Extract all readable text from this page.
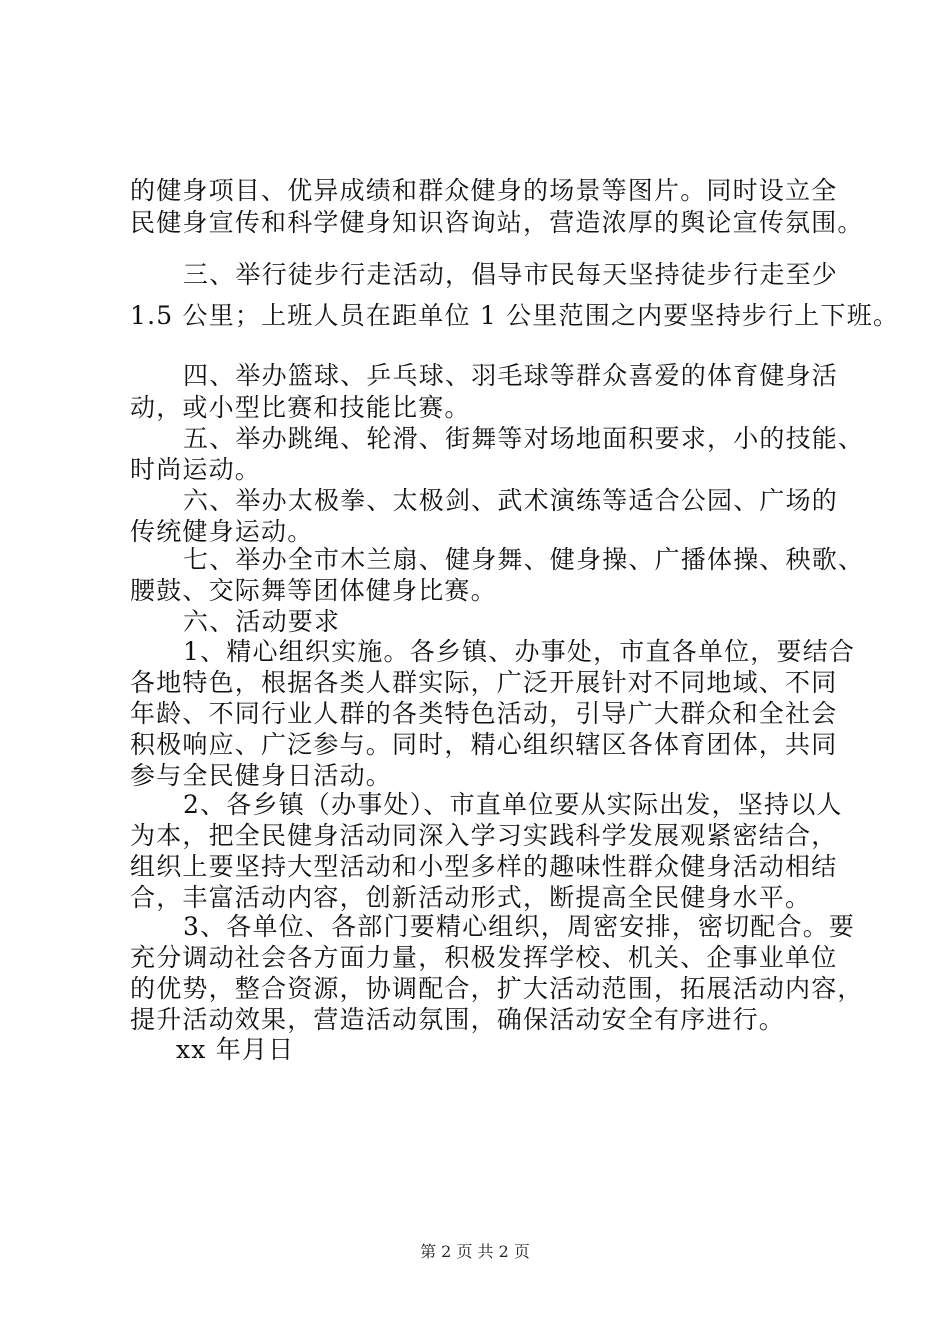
的健身项目、优异成绩和群众健身的场景等图片。同时设立全
民健身宣传和科学健身知识咨询站，营造浓厚的舆论宣传氛围。
三、举行徒步行走活动，倡导市民每天坚持徒步行走至少
1.5 公里；上班人员在距单位 1 公里范围之内要坚持步行上下班。
四、举办篮球、乒乓球、羽毛球等群众喜爱的体育健身活
动，或小型比赛和技能比赛。
五、举办跳绳、轮滑、街舞等对场地面积要求，小的技能、
时尚运动。
六、举办太极拳、太极剑、武术演练等适合公园、广场的
传统健身运动。
七、举办全市木兰扇、健身舞、健身操、广播体操、秧歌、
腰鼓、交际舞等团体健身比赛。
六、活动要求
1、精心组织实施。各乡镇、办事处，市直各单位，要结合
各地特色，根据各类人群实际，广泛开展针对不同地域、不同
年龄、不同行业人群的各类特色活动，引导广大群众和全社会
积极响应、广泛参与。同时，精心组织辖区各体育团体，共同
参与全民健身日活动。
2、各乡镇（办事处）、市直单位要从实际出发，坚持以人
为本，把全民健身活动同深入学习实践科学发展观紧密结合，
组织上要坚持大型活动和小型多样的趣味性群众健身活动相结
合，丰富活动内容，创新活动形式，断提高全民健身水平。
3、各单位、各部门要精心组织，周密安排，密切配合。要
充分调动社会各方面力量，积极发挥学校、机关、企事业单位
的优势，整合资源，协调配合，扩大活动范围，拓展活动内容，
提升活动效果，营造活动氛围，确保活动安全有序进行。
xx 年月日
第 2 页 共 2 页
